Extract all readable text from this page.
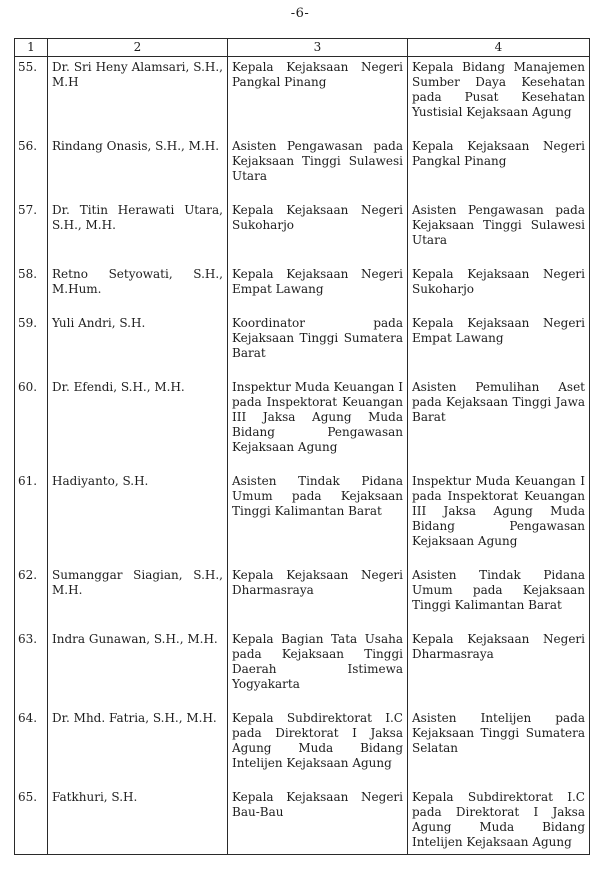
-6-
1	2	3	4
55.	Dr. Sri Heny Alamsari, S.H., M.H	Kepala Kejaksaan Negeri Pangkal Pinang	Kepala Bidang Manajemen Sumber Daya Kesehatan pada Pusat Kesehatan Yustisial Kejaksaan Agung
56.	Rindang Onasis, S.H., M.H.	Asisten Pengawasan pada Kejaksaan Tinggi Sulawesi Utara	Kepala Kejaksaan Negeri Pangkal Pinang
57.	Dr. Titin Herawati Utara, S.H., M.H.	Kepala Kejaksaan Negeri Sukoharjo	Asisten Pengawasan pada Kejaksaan Tinggi Sulawesi Utara
58.	Retno Setyowati, S.H., M.Hum.	Kepala Kejaksaan Negeri Empat Lawang	Kepala Kejaksaan Negeri Sukoharjo
59.	Yuli Andri, S.H.	Koordinator pada Kejaksaan Tinggi Sumatera Barat	Kepala Kejaksaan Negeri Empat Lawang
60.	Dr. Efendi, S.H., M.H.	Inspektur Muda Keuangan I pada Inspektorat Keuangan III Jaksa Agung Muda Bidang Pengawasan Kejaksaan Agung	Asisten Pemulihan Aset pada Kejaksaan Tinggi Jawa Barat
61.	Hadiyanto, S.H.	Asisten Tindak Pidana Umum pada Kejaksaan Tinggi Kalimantan Barat	Inspektur Muda Keuangan I pada Inspektorat Keuangan III Jaksa Agung Muda Bidang Pengawasan Kejaksaan Agung
62.	Sumanggar Siagian, S.H., M.H.	Kepala Kejaksaan Negeri Dharmasraya	Asisten Tindak Pidana Umum pada Kejaksaan Tinggi Kalimantan Barat
63.	Indra Gunawan, S.H., M.H.	Kepala Bagian Tata Usaha pada Kejaksaan Tinggi Daerah Istimewa Yogyakarta	Kepala Kejaksaan Negeri Dharmasraya
64.	Dr. Mhd. Fatria, S.H., M.H.	Kepala Subdirektorat I.C pada Direktorat I Jaksa Agung Muda Bidang Intelijen Kejaksaan Agung	Asisten Intelijen pada Kejaksaan Tinggi Sumatera Selatan
65.	Fatkhuri, S.H.	Kepala Kejaksaan Negeri Bau-Bau	Kepala Subdirektorat I.C pada Direktorat I Jaksa Agung Muda Bidang Intelijen Kejaksaan Agung
